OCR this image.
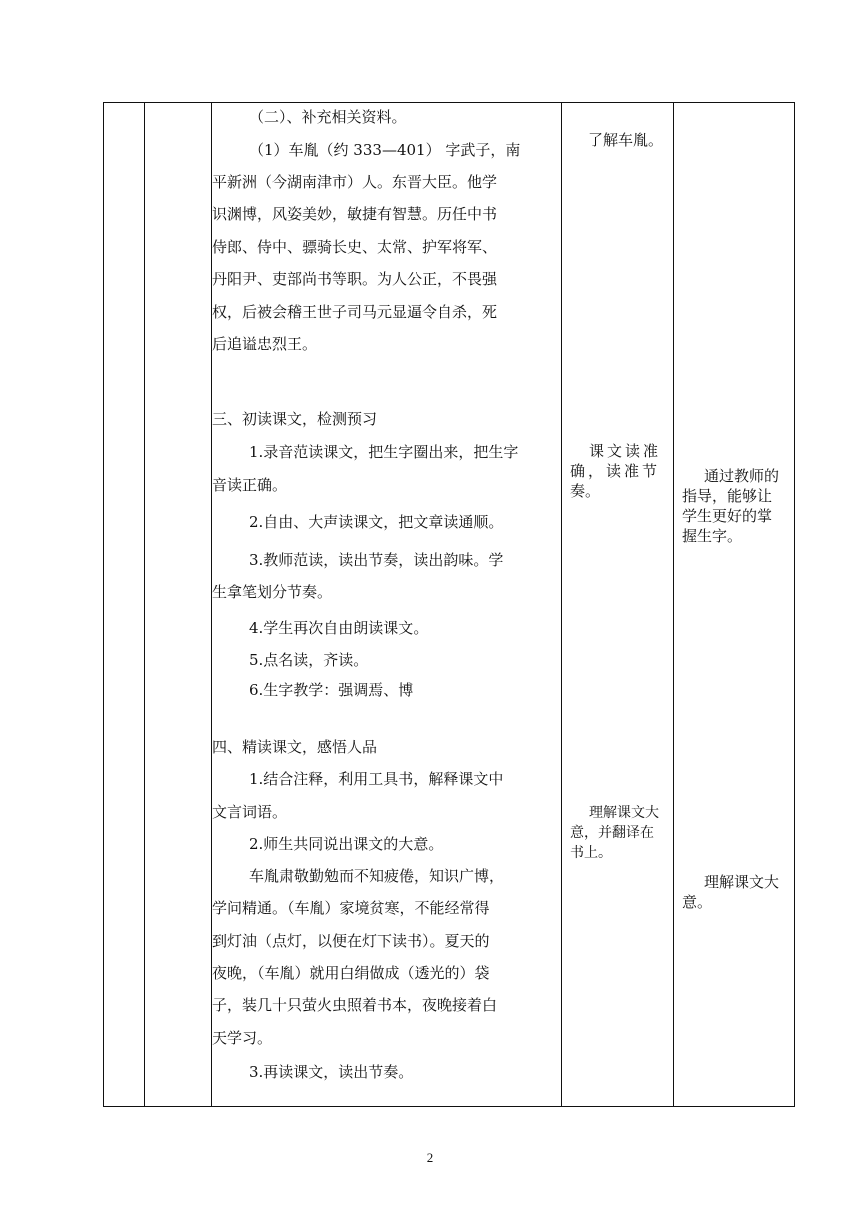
（二）、补充相关资料。
（1）车胤（约 333—401） 字武子，南
平新洲（今湖南津市）人。东晋大臣。他学
识渊博，风姿美妙，敏捷有智慧。历任中书
侍郎、侍中、骠骑长史、太常、护军将军、
丹阳尹、吏部尚书等职。为人公正，不畏强
权，后被会稽王世子司马元显逼令自杀，死
后追谥忠烈王。
三、初读课文，检测预习
1.录音范读课文，把生字圈出来，把生字
音读正确。
2.自由、大声读课文，把文章读通顺。
3.教师范读，读出节奏，读出韵味。学
生拿笔划分节奏。
4.学生再次自由朗读课文。
5.点名读，齐读。
6.生字教学：强调焉、博
四、精读课文，感悟人品
1.结合注释，利用工具书，解释课文中
文言词语。
2.师生共同说出课文的大意。
车胤肃敬勤勉而不知疲倦，知识广博，
学问精通。（车胤）家境贫寒，不能经常得
到灯油（点灯，以便在灯下读书）。夏天的
夜晚，（车胤）就用白绢做成（透光的）袋
子，装几十只萤火虫照着书本，夜晚接着白
天学习。
3.再读课文，读出节奏。
了解车胤。
课文读准
确，读准节
奏。
理解课文大
意，并翻译在
书上。
通过教师的
指导，能够让
学生更好的掌
握生字。
理解课文大
意。
2
